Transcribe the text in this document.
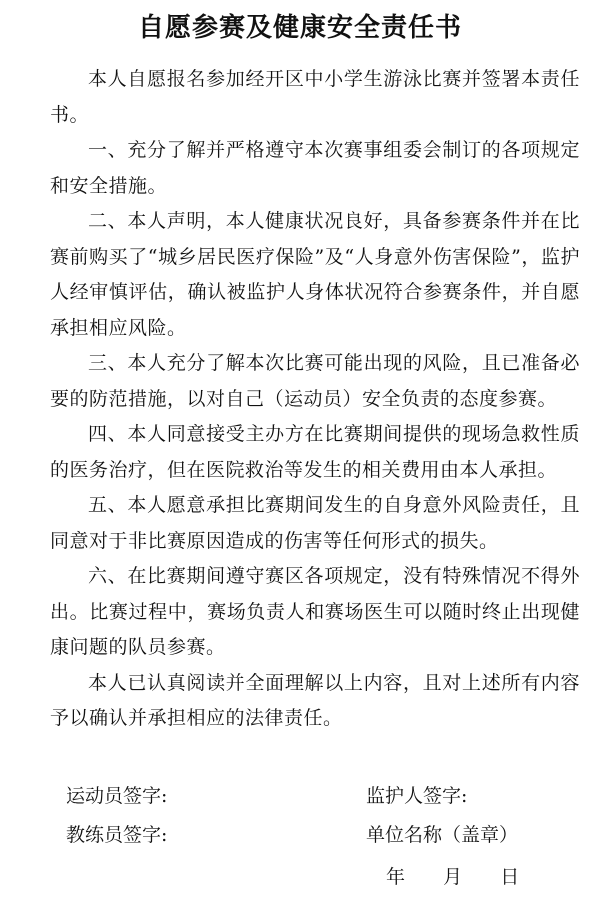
自愿参赛及健康安全责任书

本人自愿报名参加经开区中小学生游泳比赛并签署本责任书。

一、充分了解并严格遵守本次赛事组委会制订的各项规定和安全措施。

二、本人声明，本人健康状况良好，具备参赛条件并在比赛前购买了“城乡居民医疗保险”及“人身意外伤害保险”，监护人经审慎评估，确认被监护人身体状况符合参赛条件，并自愿承担相应风险。

三、本人充分了解本次比赛可能出现的风险，且已准备必要的防范措施，以对自己（运动员）安全负责的态度参赛。

四、本人同意接受主办方在比赛期间提供的现场急救性质的医务治疗，但在医院救治等发生的相关费用由本人承担。

五、本人愿意承担比赛期间发生的自身意外风险责任，且同意对于非比赛原因造成的伤害等任何形式的损失。

六、在比赛期间遵守赛区各项规定，没有特殊情况不得外出。比赛过程中，赛场负责人和赛场医生可以随时终止出现健康问题的队员参赛。

本人已认真阅读并全面理解以上内容，且对上述所有内容予以确认并承担相应的法律责任。

运动员签字:	监护人签字:
教练员签字:	单位名称（盖章）
年 月 日
